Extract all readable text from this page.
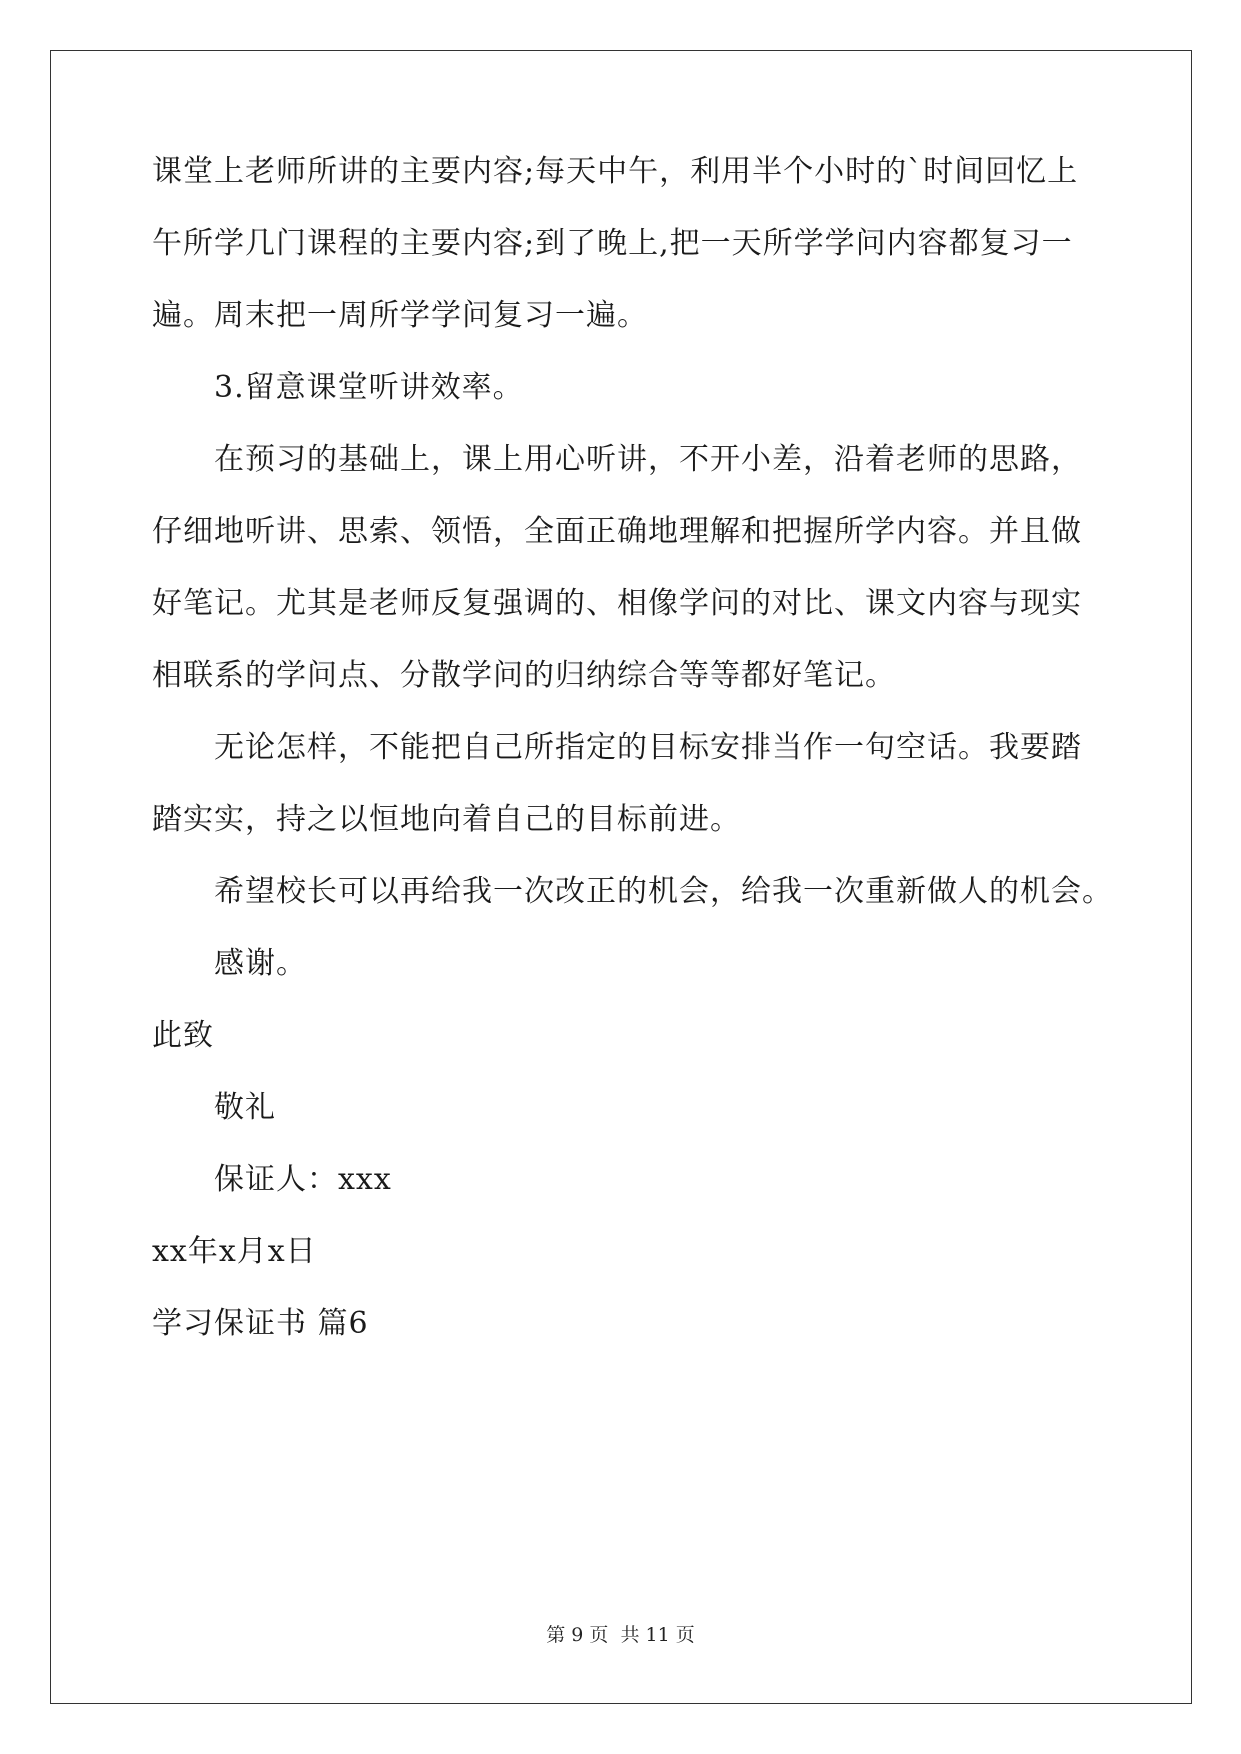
课堂上老师所讲的主要内容;每天中午，利用半个小时的`时间回忆上
午所学几门课程的主要内容;到了晚上,把一天所学学问内容都复习一
遍。周末把一周所学学问复习一遍。
3.留意课堂听讲效率。
在预习的基础上，课上用心听讲，不开小差，沿着老师的思路，
仔细地听讲、思索、领悟，全面正确地理解和把握所学内容。并且做
好笔记。尤其是老师反复强调的、相像学问的对比、课文内容与现实
相联系的学问点、分散学问的归纳综合等等都好笔记。
无论怎样，不能把自己所指定的目标安排当作一句空话。我要踏
踏实实，持之以恒地向着自己的目标前进。
希望校长可以再给我一次改正的机会，给我一次重新做人的机会。
感谢。
此致
敬礼
保证人：xxx
xx年x月x日
学习保证书 篇6
第 9 页  共 11 页
